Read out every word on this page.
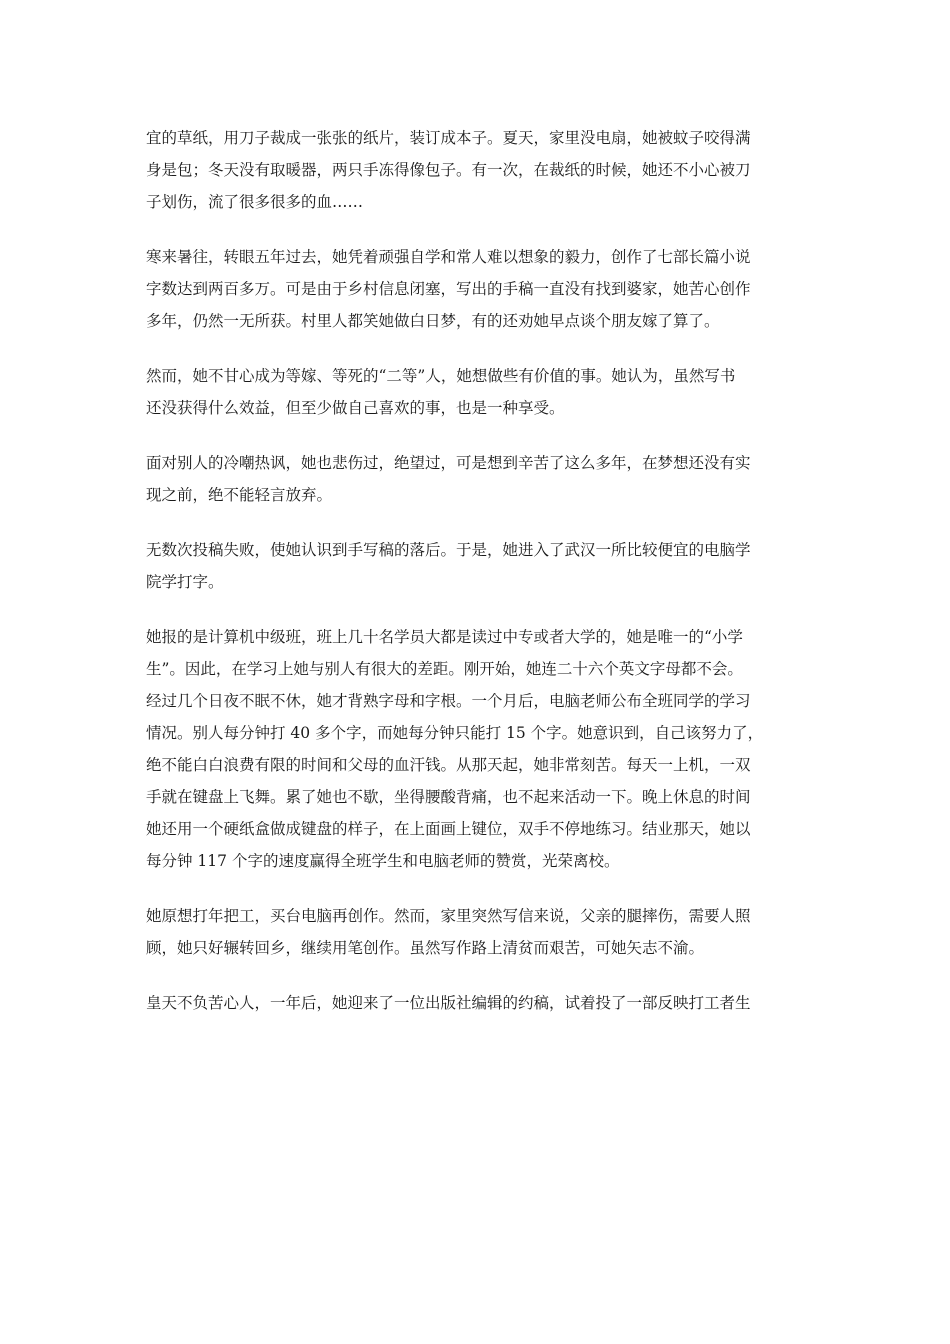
宜的草纸，用刀子裁成一张张的纸片，装订成本子。夏天，家里没电扇，她被蚊子咬得满
身是包；冬天没有取暖器，两只手冻得像包子。有一次，在裁纸的时候，她还不小心被刀
子划伤，流了很多很多的血……
寒来暑往，转眼五年过去，她凭着顽强自学和常人难以想象的毅力，创作了七部长篇小说
字数达到两百多万。可是由于乡村信息闭塞，写出的手稿一直没有找到婆家，她苦心创作
多年，仍然一无所获。村里人都笑她做白日梦，有的还劝她早点谈个朋友嫁了算了。
然而，她不甘心成为等嫁、等死的“二等”人，她想做些有价值的事。她认为，虽然写书
还没获得什么效益，但至少做自己喜欢的事，也是一种享受。
面对别人的冷嘲热讽，她也悲伤过，绝望过，可是想到辛苦了这么多年，在梦想还没有实
现之前，绝不能轻言放弃。
无数次投稿失败，使她认识到手写稿的落后。于是，她进入了武汉一所比较便宜的电脑学
院学打字。
她报的是计算机中级班，班上几十名学员大都是读过中专或者大学的，她是唯一的“小学
生”。因此，在学习上她与别人有很大的差距。刚开始，她连二十六个英文字母都不会。
经过几个日夜不眠不休，她才背熟字母和字根。一个月后，电脑老师公布全班同学的学习
情况。别人每分钟打 40 多个字，而她每分钟只能打 15 个字。她意识到，自己该努力了，
绝不能白白浪费有限的时间和父母的血汗钱。从那天起，她非常刻苦。每天一上机，一双
手就在键盘上飞舞。累了她也不歇，坐得腰酸背痛，也不起来活动一下。晚上休息的时间
她还用一个硬纸盒做成键盘的样子，在上面画上键位，双手不停地练习。结业那天，她以
每分钟 117 个字的速度赢得全班学生和电脑老师的赞赏，光荣离校。
她原想打年把工，买台电脑再创作。然而，家里突然写信来说，父亲的腿摔伤，需要人照
顾，她只好辗转回乡，继续用笔创作。虽然写作路上清贫而艰苦，可她矢志不渝。
皇天不负苦心人，一年后，她迎来了一位出版社编辑的约稿，试着投了一部反映打工者生
